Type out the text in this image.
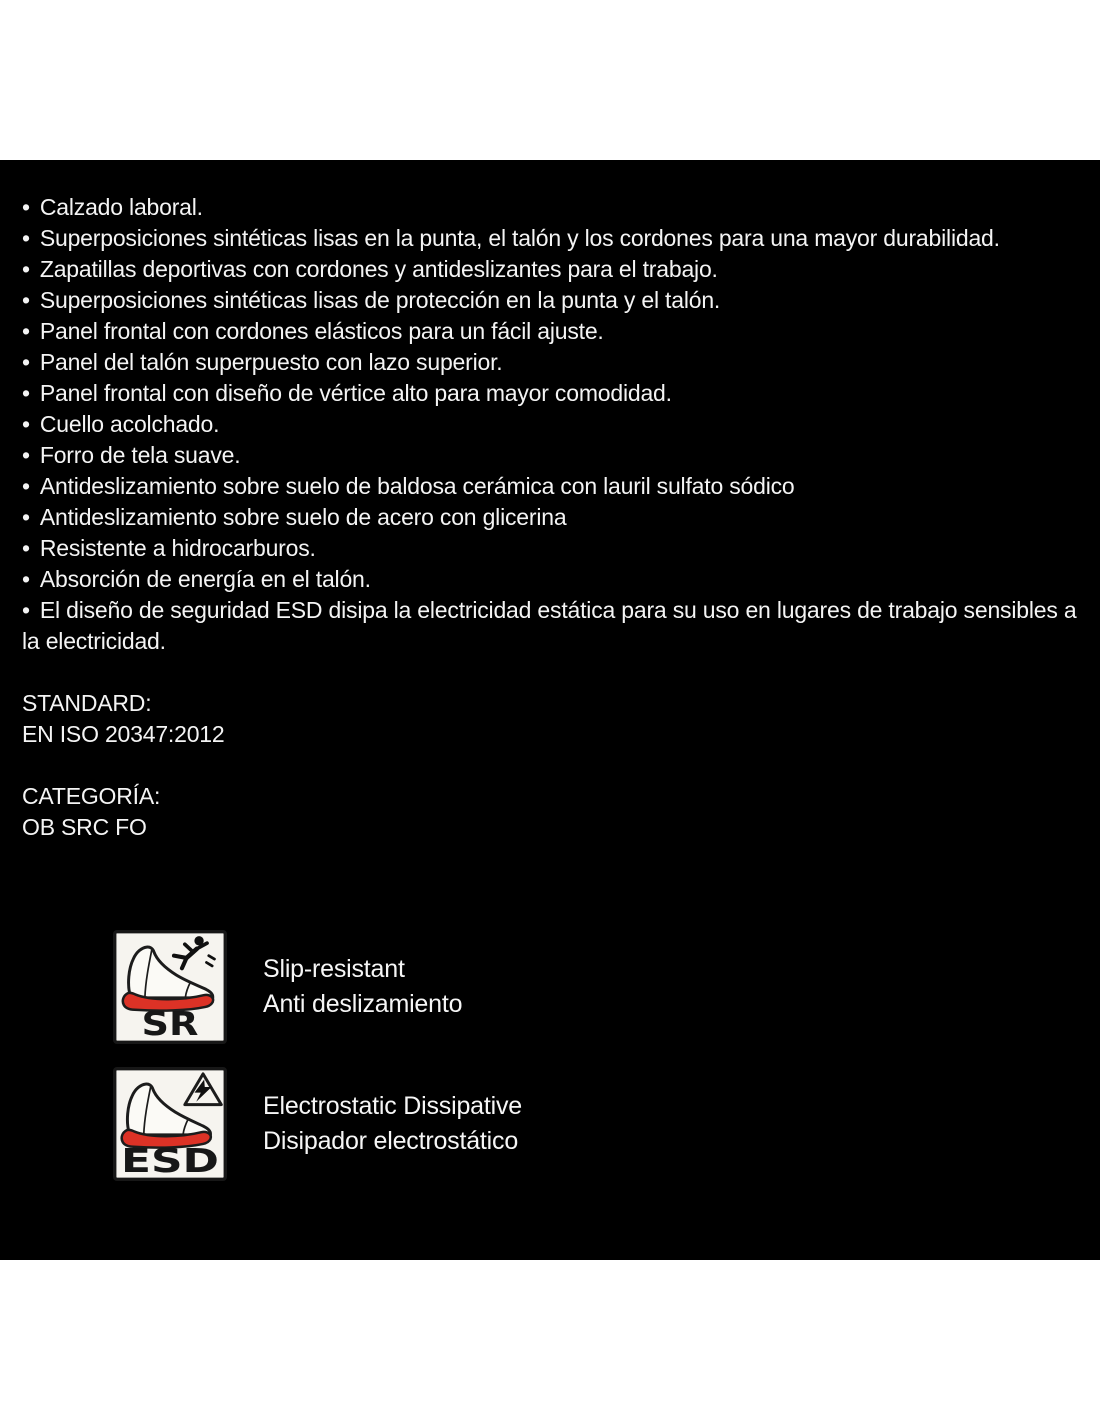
• Calzado laboral.
• Superposiciones sintéticas lisas en la punta, el talón y los cordones para una mayor durabilidad.
• Zapatillas deportivas con cordones y antideslizantes para el trabajo.
• Superposiciones sintéticas lisas de protección en la punta y el talón.
• Panel frontal con cordones elásticos para un fácil ajuste.
• Panel del talón superpuesto con lazo superior.
• Panel frontal con diseño de vértice alto para mayor comodidad.
• Cuello acolchado.
• Forro de tela suave.
• Antideslizamiento sobre suelo de baldosa cerámica con lauril sulfato sódico
• Antideslizamiento sobre suelo de acero con glicerina
• Resistente a hidrocarburos.
• Absorción de energía en el talón.
• El diseño de seguridad ESD disipa la electricidad estática para su uso en lugares de trabajo sensibles a la electricidad.
STANDARD:
EN ISO 20347:2012
CATEGORÍA:
OB SRC FO
SR
Slip-resistant
Anti deslizamiento
ESD
Electrostatic Dissipative
Disipador electrostático
